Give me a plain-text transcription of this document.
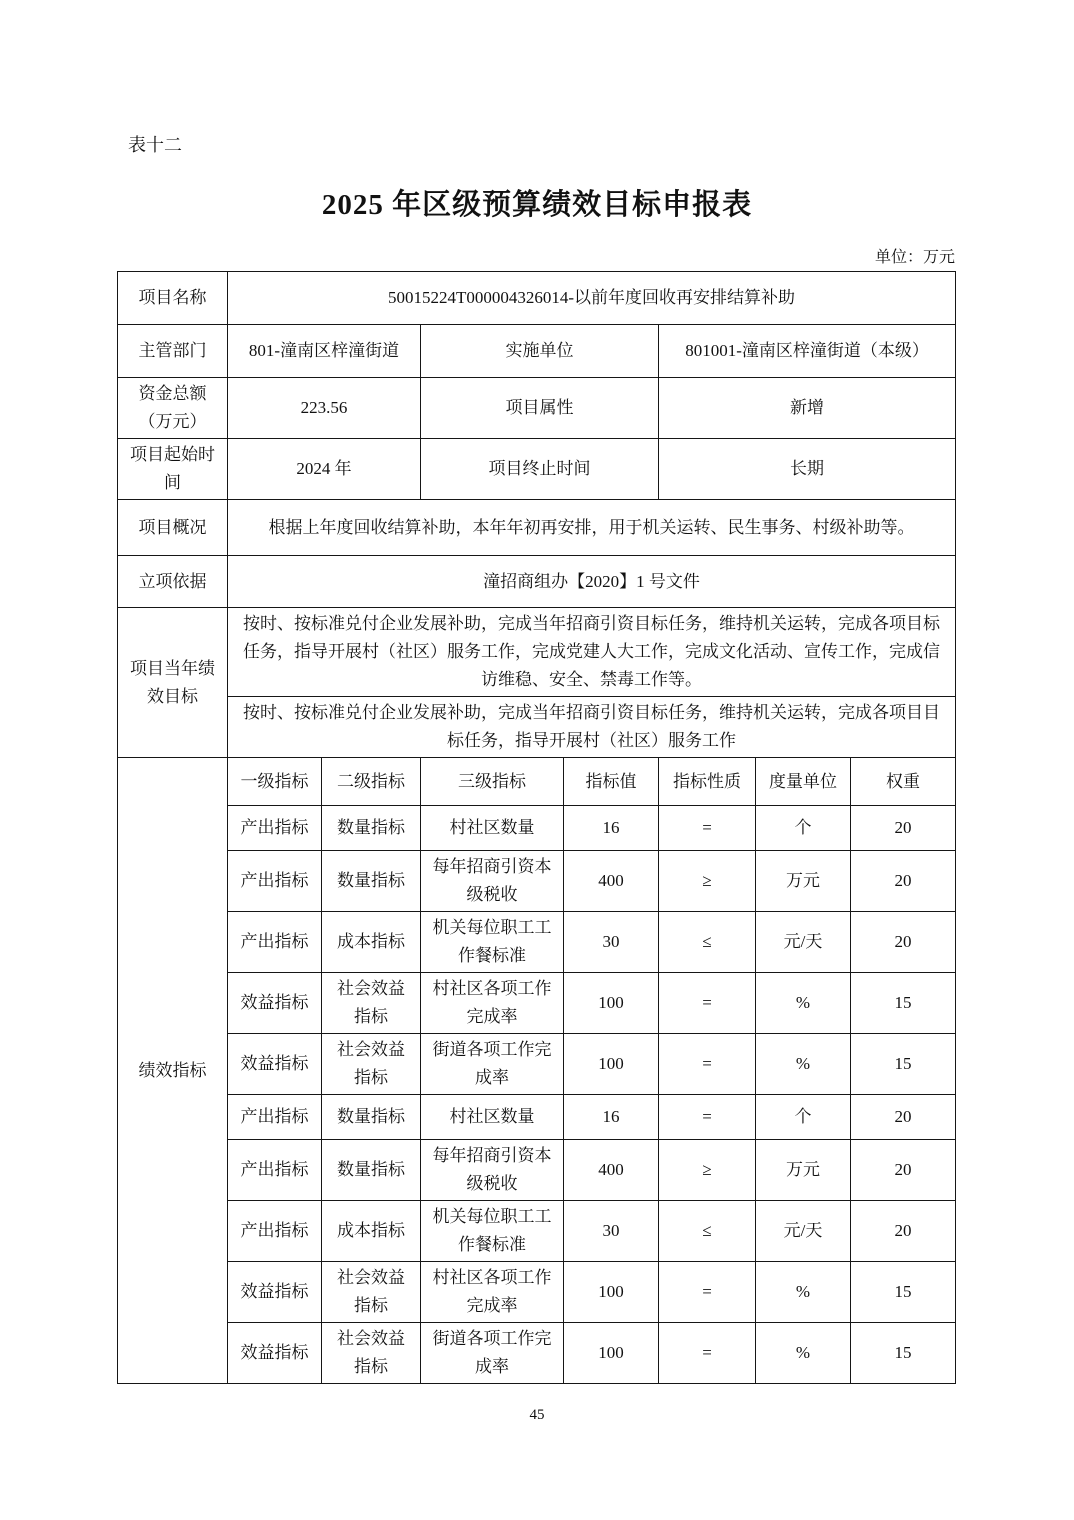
表十二
2025 年区级预算绩效目标申报表
单位：万元
项目名称	50015224T000004326014-以前年度回收再安排结算补助						
主管部门	801-潼南区梓潼街道		实施单位		801001-潼南区梓潼街道（本级）		
资金总额（万元）	223.56		项目属性		新增		
项目起始时间	2024 年		项目终止时间		长期		
项目概况	根据上年度回收结算补助，本年年初再安排，用于机关运转、民生事务、村级补助等。						
立项依据	潼招商组办【2020】1 号文件						
项目当年绩效目标	按时、按标准兑付企业发展补助，完成当年招商引资目标任务，维持机关运转，完成各项目标任务，指导开展村（社区）服务工作，完成党建人大工作，完成文化活动、宣传工作，完成信访维稳、安全、禁毒工作等。						
	按时、按标准兑付企业发展补助，完成当年招商引资目标任务，维持机关运转，完成各项目目标任务，指导开展村（社区）服务工作						
绩效指标	一级指标	二级指标	三级指标	指标值	指标性质	度量单位	权重
	产出指标	数量指标	村社区数量	16	=	个	20
	产出指标	数量指标	每年招商引资本级税收	400	≥	万元	20
	产出指标	成本指标	机关每位职工工作餐标准	30	≤	元/天	20
	效益指标	社会效益指标	村社区各项工作完成率	100	=	%	15
	效益指标	社会效益指标	街道各项工作完成率	100	=	%	15
	产出指标	数量指标	村社区数量	16	=	个	20
	产出指标	数量指标	每年招商引资本级税收	400	≥	万元	20
	产出指标	成本指标	机关每位职工工作餐标准	30	≤	元/天	20
	效益指标	社会效益指标	村社区各项工作完成率	100	=	%	15
	效益指标	社会效益指标	街道各项工作完成率	100	=	%	15
45
